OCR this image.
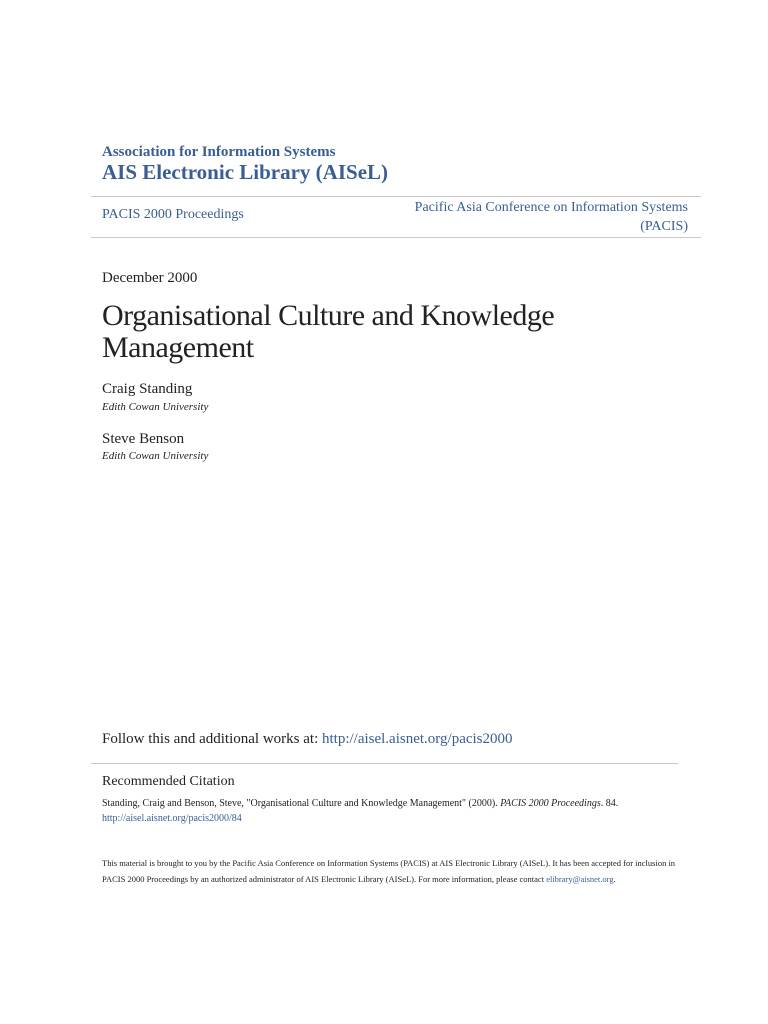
Association for Information Systems
AIS Electronic Library (AISeL)
PACIS 2000 Proceedings	Pacific Asia Conference on Information Systems
(PACIS)
December 2000
Organisational Culture and Knowledge
Management
Craig Standing
Edith Cowan University
Steve Benson
Edith Cowan University
Follow this and additional works at: http://aisel.aisnet.org/pacis2000
Recommended Citation
Standing, Craig and Benson, Steve, "Organisational Culture and Knowledge Management" (2000). PACIS 2000 Proceedings. 84.
http://aisel.aisnet.org/pacis2000/84
This material is brought to you by the Pacific Asia Conference on Information Systems (PACIS) at AIS Electronic Library (AISeL). It has been accepted for inclusion in PACIS 2000 Proceedings by an authorized administrator of AIS Electronic Library (AISeL). For more information, please contact elibrary@aisnet.org.
